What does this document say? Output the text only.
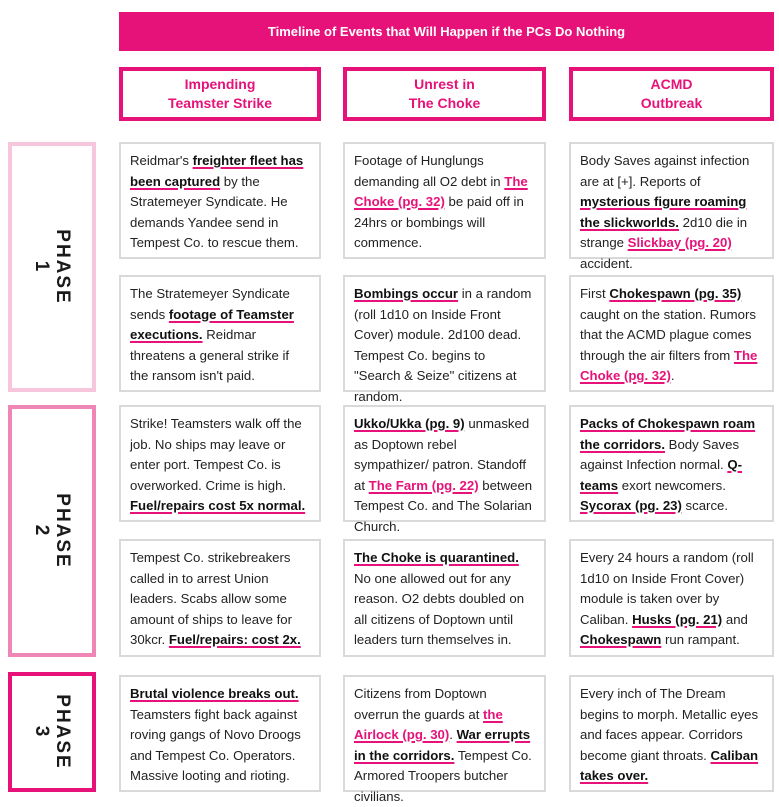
Timeline of Events that Will Happen if the PCs Do Nothing
Impending
Teamster Strike
Unrest in
The Choke
ACMD
Outbreak
PHASE
1
PHASE
2
PHASE
3
Reidmar's freighter fleet has been captured by the Stratemeyer Syndicate. He demands Yandee send in Tempest Co. to rescue them.
Footage of Hunglungs demanding all O2 debt in The Choke (pg. 32) be paid off in 24hrs or bombings will commence.
Body Saves against infection are at [+]. Reports of mysterious figure roaming the slickworlds. 2d10 die in strange Slickbay (pg. 20) accident.
The Stratemeyer Syndicate sends footage of Teamster executions. Reidmar threatens a general strike if the ransom isn't paid.
Bombings occur in a random (roll 1d10 on Inside Front Cover) module. 2d100 dead. Tempest Co. begins to "Search & Seize" citizens at random.
First Chokespawn (pg. 35) caught on the station. Rumors that the ACMD plague comes through the air filters from The Choke (pg. 32).
Strike! Teamsters walk off the job. No ships may leave or enter port. Tempest Co. is overworked. Crime is high. Fuel/repairs cost 5x normal.
Ukko/Ukka (pg. 9) unmasked as Doptown rebel sympathizer/ patron. Standoff at The Farm (pg. 22) between Tempest Co. and The Solarian Church.
Packs of Chokespawn roam the corridors. Body Saves against Infection normal. Q-teams exort newcomers. Sycorax (pg. 23) scarce.
Tempest Co. strikebreakers called in to arrest Union leaders. Scabs allow some amount of ships to leave for 30kcr. Fuel/repairs: cost 2x.
The Choke is quarantined. No one allowed out for any reason. O2 debts doubled on all citizens of Doptown until leaders turn themselves in.
Every 24 hours a random (roll 1d10 on Inside Front Cover) module is taken over by Caliban. Husks (pg. 21) and Chokespawn run rampant.
Brutal violence breaks out. Teamsters fight back against roving gangs of Novo Droogs and Tempest Co. Operators. Massive looting and rioting.
Citizens from Doptown overrun the guards at the Airlock (pg. 30). War errupts in the corridors. Tempest Co. Armored Troopers butcher civilians.
Every inch of The Dream begins to morph. Metallic eyes and faces appear. Corridors become giant throats. Caliban takes over.
